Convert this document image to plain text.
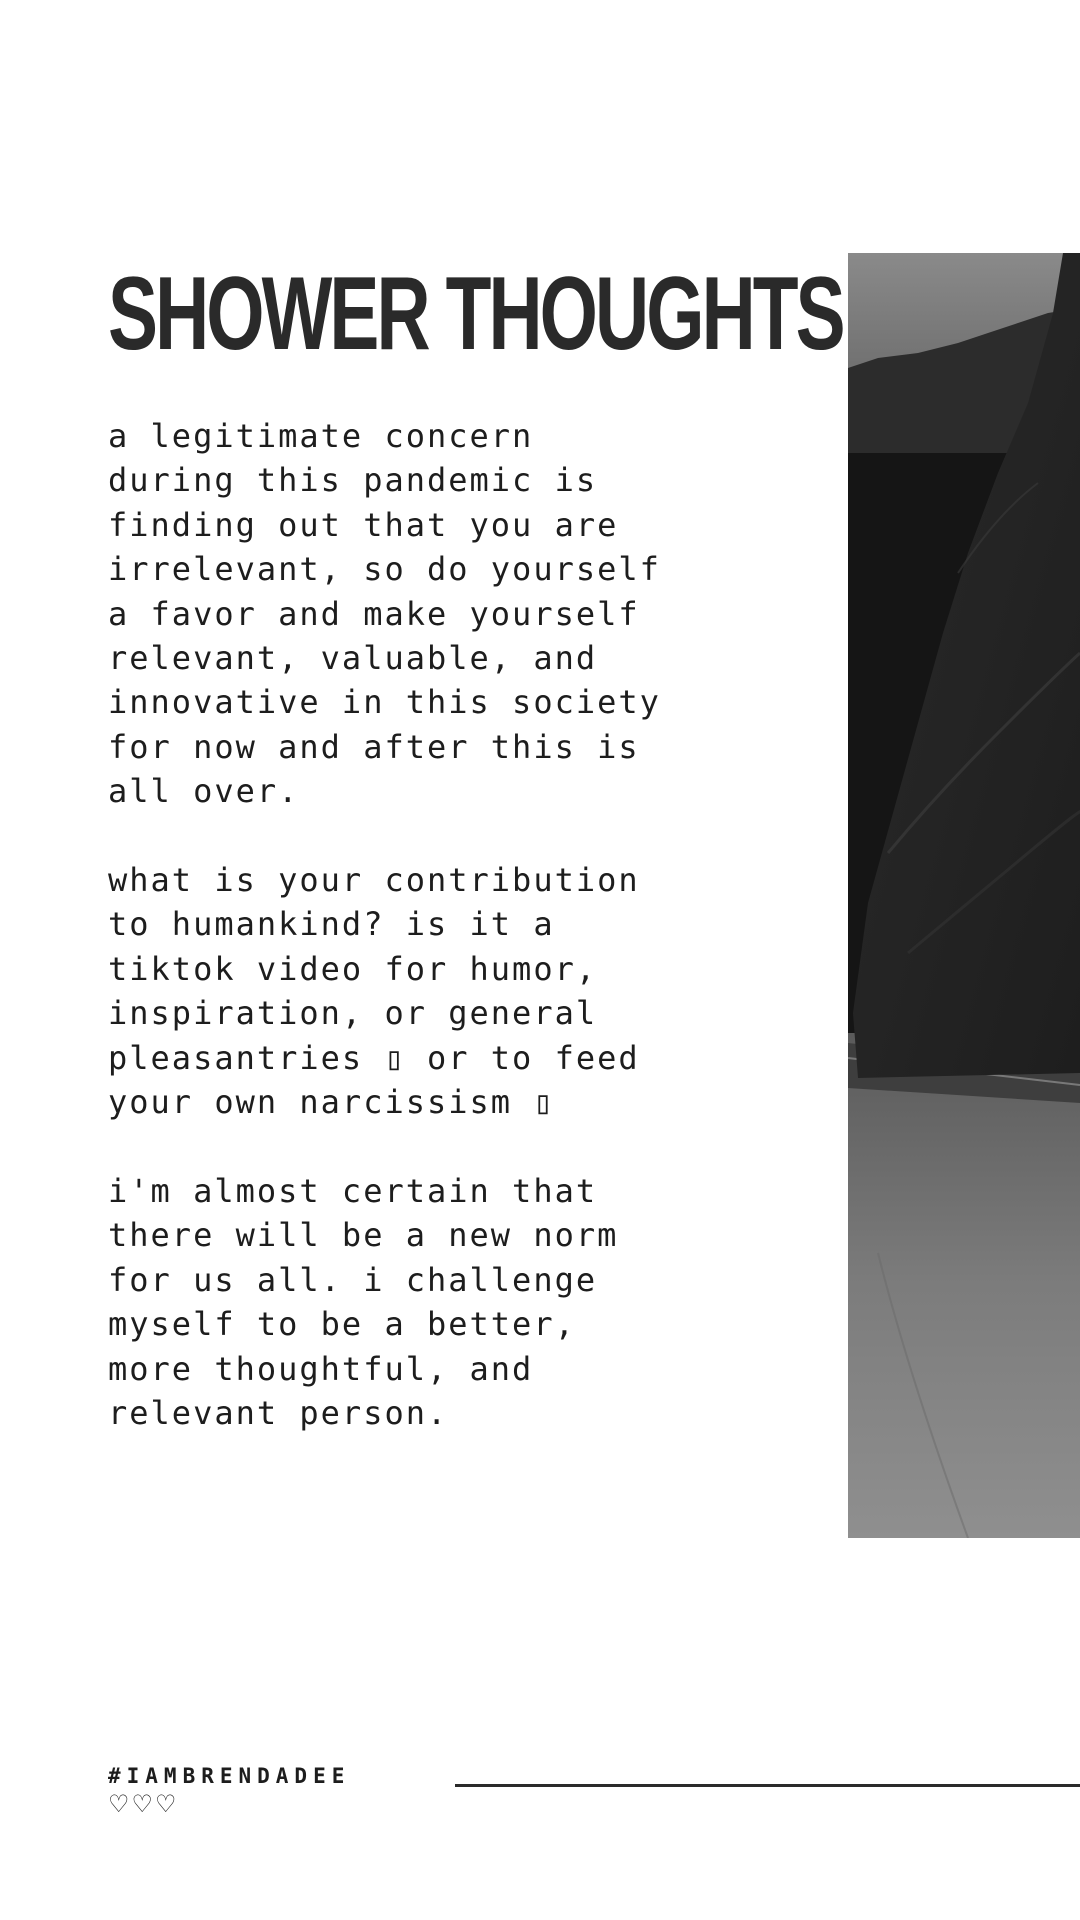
SHOWER THOUGHTS

a legitimate concern
during this pandemic is
finding out that you are
irrelevant, so do yourself
a favor and make yourself
relevant, valuable, and
innovative in this society
for now and after this is
all over.

what is your contribution
to humankind? is it a
tiktok video for humor,
inspiration, or general
pleasantries ▯ or to feed
your own narcissism ▯

i'm almost certain that
there will be a new norm
for us all. i challenge
myself to be a better,
more thoughtful, and
relevant person.

#IAMBRENDADEE
♡♡♡
